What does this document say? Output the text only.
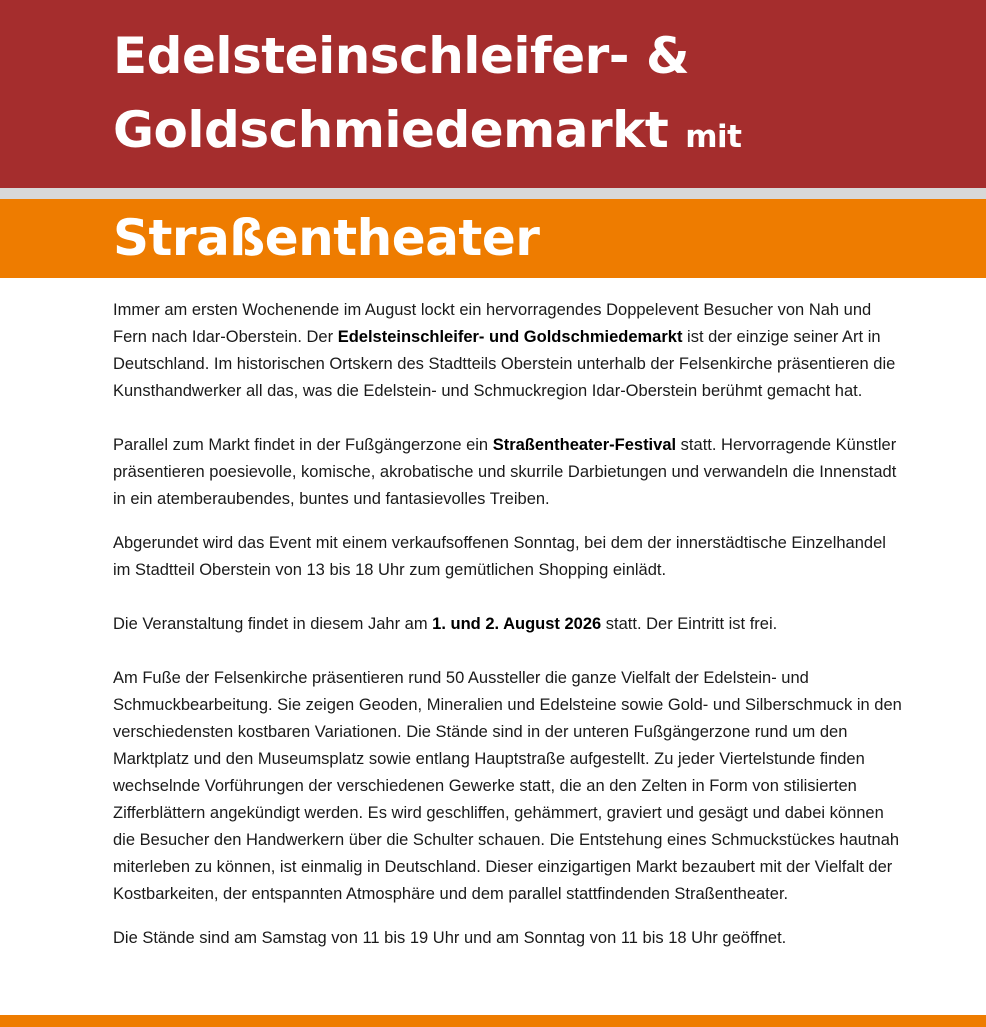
Edelsteinschleifer- &
Goldschmiedemarkt mit
Straßentheater

Immer am ersten Wochenende im August lockt ein hervorragendes Doppelevent Besucher von Nah und Fern nach Idar-Oberstein. Der Edelsteinschleifer- und Goldschmiedemarkt ist der einzige seiner Art in Deutschland. Im historischen Ortskern des Stadtteils Oberstein unterhalb der Felsenkirche präsentieren die Kunsthandwerker all das, was die Edelstein- und Schmuckregion Idar-Oberstein berühmt gemacht hat.

Parallel zum Markt findet in der Fußgängerzone ein Straßentheater-Festival statt. Hervorragende Künstler präsentieren poesievolle, komische, akrobatische und skurrile Darbietungen und verwandeln die Innenstadt in ein atemberaubendes, buntes und fantasievolles Treiben.

Abgerundet wird das Event mit einem verkaufsoffenen Sonntag, bei dem der innerstädtische Einzelhandel im Stadtteil Oberstein von 13 bis 18 Uhr zum gemütlichen Shopping einlädt.

Die Veranstaltung findet in diesem Jahr am 1. und 2. August 2026 statt. Der Eintritt ist frei.

Am Fuße der Felsenkirche präsentieren rund 50 Aussteller die ganze Vielfalt der Edelstein- und Schmuckbearbeitung. Sie zeigen Geoden, Mineralien und Edelsteine sowie Gold- und Silberschmuck in den verschiedensten kostbaren Variationen. Die Stände sind in der unteren Fußgängerzone rund um den Marktplatz und den Museumsplatz sowie entlang Hauptstraße aufgestellt. Zu jeder Viertelstunde finden wechselnde Vorführungen der verschiedenen Gewerke statt, die an den Zelten in Form von stilisierten Zifferblättern angekündigt werden. Es wird geschliffen, gehämmert, graviert und gesägt und dabei können die Besucher den Handwerkern über die Schulter schauen. Die Entstehung eines Schmuckstückes hautnah miterleben zu können, ist einmalig in Deutschland. Dieser einzigartigen Markt bezaubert mit der Vielfalt der Kostbarkeiten, der entspannten Atmosphäre und dem parallel stattfindenden Straßentheater.

Die Stände sind am Samstag von 11 bis 19 Uhr und am Sonntag von 11 bis 18 Uhr geöffnet.
